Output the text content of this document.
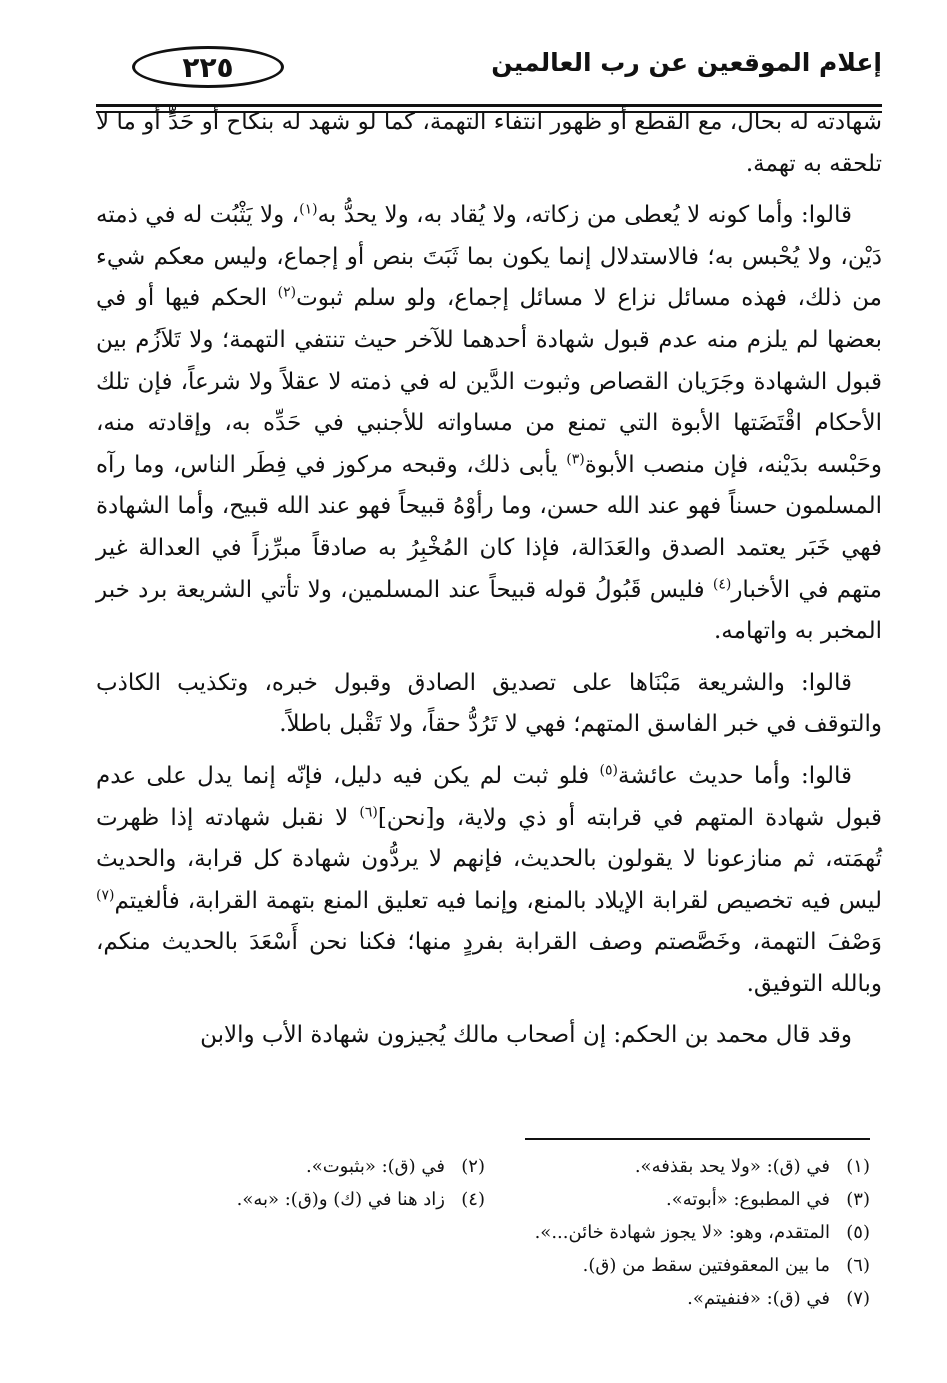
إعلام الموقعين عن رب العالمين
٢٢٥

شهادته له بحال، مع القطع أو ظهور انتفاء التهمة، كما لو شهد له بنكاح أو حَدٍّ أو ما لا تلحقه به تهمة.

قالوا: وأما كونه لا يُعطى من زكاته، ولا يُقاد به، ولا يحدُّ به$^{(١)}$، ولا يَثْبُت له في ذمته دَيْن، ولا يُحْبس به؛ فالاستدلال إنما يكون بما ثَبَتَ بنص أو إجماع، وليس معكم شيء من ذلك، فهذه مسائل نزاع لا مسائل إجماع، ولو سلم ثبوت$^{(٢)}$ الحكم فيها أو في بعضها لم يلزم منه عدم قبول شهادة أحدهما للآخر حيث تنتفي التهمة؛ ولا تَلاَزُم بين قبول الشهادة وجَرَيان القصاص وثبوت الدَّين له في ذمته لا عقلاً ولا شرعاً، فإن تلك الأحكام اقْتَضَتها الأبوة التي تمنع من مساواته للأجنبي في حَدِّه به، وإقادته منه، وحَبْسه بدَيْنه، فإن منصب الأبوة$^{(٣)}$ يأبى ذلك، وقبحه مركوز في فِطَر الناس، وما رآه المسلمون حسناً فهو عند الله حسن، وما رأوْهُ قبيحاً فهو عند الله قبيح، وأما الشهادة فهي خَبَر يعتمد الصدق والعَدَالة، فإذا كان المُخْبِرُ به صادقاً مبرِّزاً في العدالة غير متهم في الأخبار$^{(٤)}$ فليس قَبُولُ قوله قبيحاً عند المسلمين، ولا تأتي الشريعة برد خبر المخبر به واتهامه.

قالوا: والشريعة مَبْنَاها على تصديق الصادق وقبول خبره، وتكذيب الكاذب والتوقف في خبر الفاسق المتهم؛ فهي لا تَرُدُّ حقاً، ولا تَقْبل باطلاً.

قالوا: وأما حديث عائشة$^{(٥)}$ فلو ثبت لم يكن فيه دليل، فإنّه إنما يدل على عدم قبول شهادة المتهم في قرابته أو ذي ولاية، و[نحن]$^{(٦)}$ لا نقبل شهادته إذا ظهرت تُهمَته، ثم منازعونا لا يقولون بالحديث، فإنهم لا يردُّون شهادة كل قرابة، والحديث ليس فيه تخصيص لقرابة الإيلاد بالمنع، وإنما فيه تعليق المنع بتهمة القرابة، فألغيتم$^{(٧)}$ وَصْفَ التهمة، وخَصَّصتم وصف القرابة بفردٍ منها؛ فكنا نحن أَسْعَدَ بالحديث منكم، وبالله التوفيق.

وقد قال محمد بن الحكم: إن أصحاب مالك يُجيزون شهادة الأب والابن

(١)في (ق): «ولا يحد بقذفه».
(٢)في (ق): «بثبوت».
(٣)في المطبوع: «أبوته».
(٤)زاد هنا في (ك) و(ق): «به».
(٥)المتقدم، وهو: «لا يجوز شهادة خائن...».
(٦)ما بين المعقوفتين سقط من (ق).
(٧)في (ق): «فنفيتم».
